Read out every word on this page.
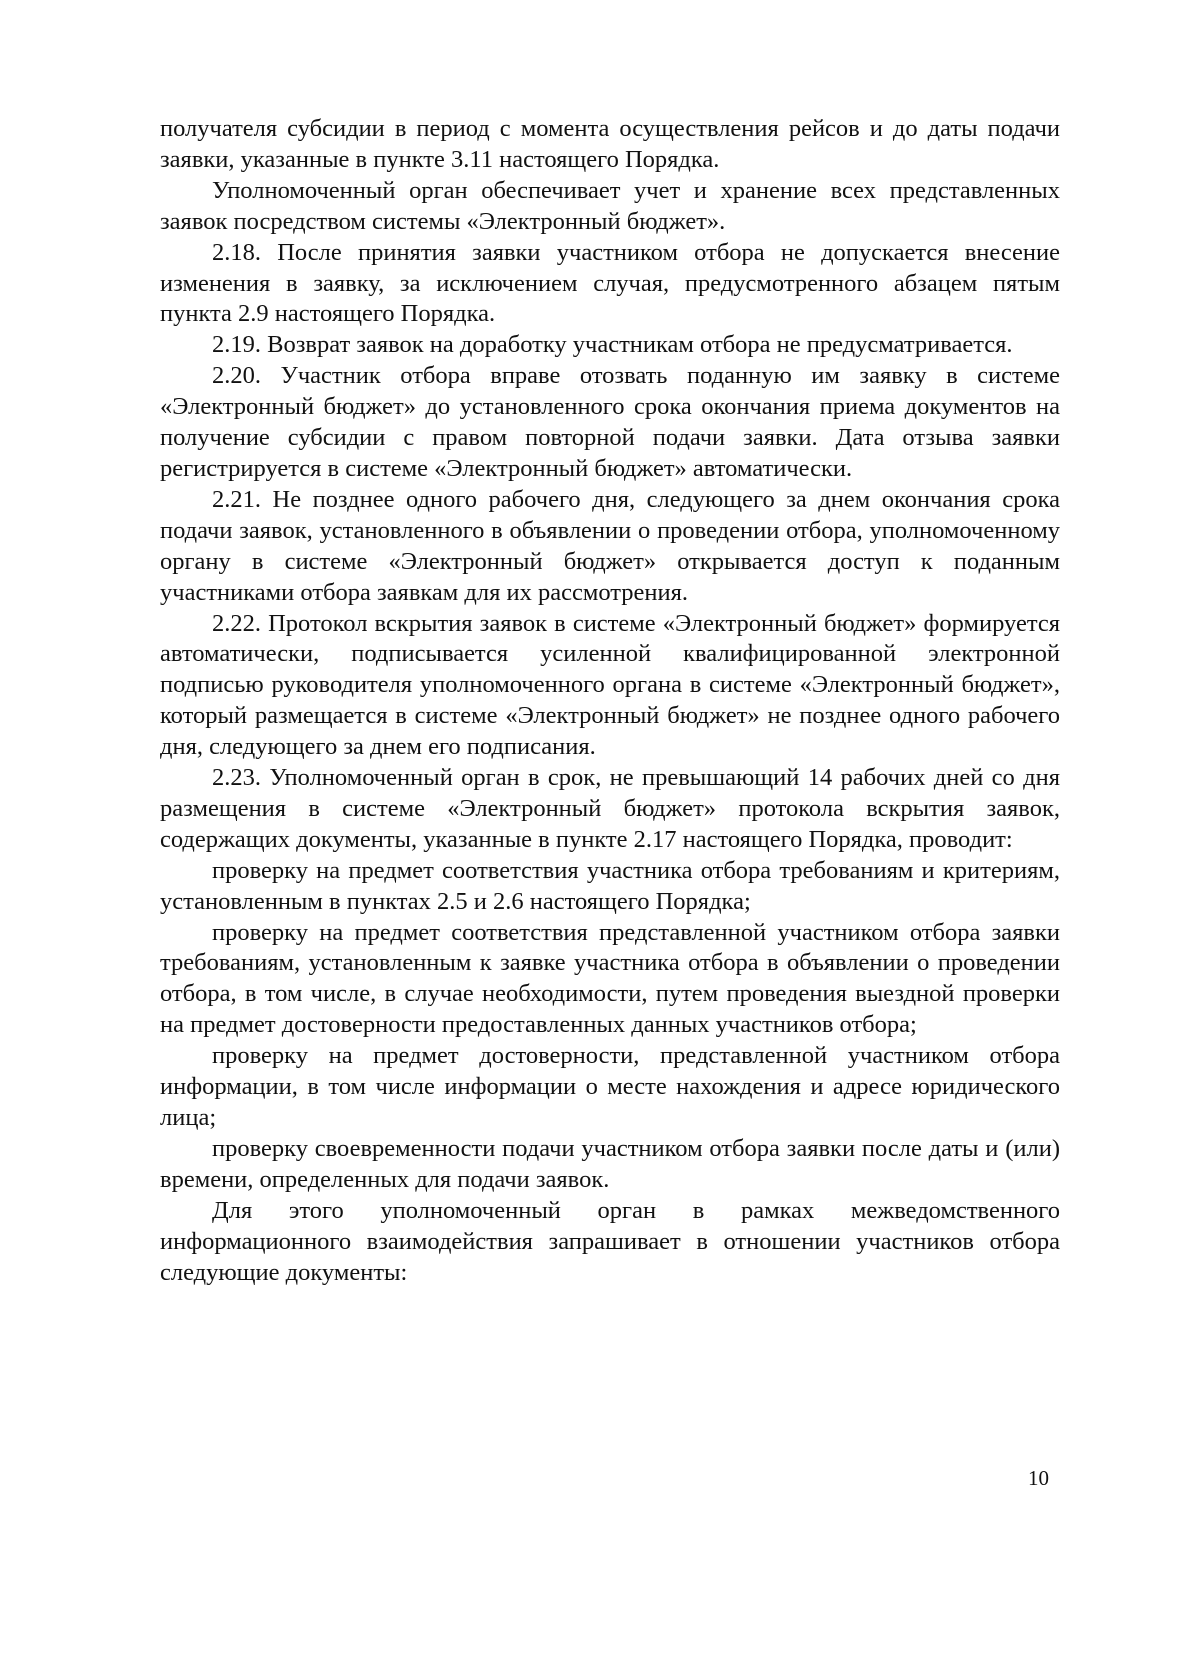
получателя субсидии в период с момента осуществления рейсов и до даты подачи заявки, указанные в пункте 3.11 настоящего Порядка.

Уполномоченный орган обеспечивает учет и хранение всех представленных заявок посредством системы «Электронный бюджет».

2.18. После принятия заявки участником отбора не допускается внесение изменения в заявку, за исключением случая, предусмотренного абзацем пятым пункта 2.9 настоящего Порядка.

2.19. Возврат заявок на доработку участникам отбора не предусматривается.

2.20. Участник отбора вправе отозвать поданную им заявку в системе «Электронный бюджет» до установленного срока окончания приема документов на получение субсидии с правом повторной подачи заявки. Дата отзыва заявки регистрируется в системе «Электронный бюджет» автоматически.

2.21. Не позднее одного рабочего дня, следующего за днем окончания срока подачи заявок, установленного в объявлении о проведении отбора, уполномоченному органу в системе «Электронный бюджет» открывается доступ к поданным участниками отбора заявкам для их рассмотрения.

2.22. Протокол вскрытия заявок в системе «Электронный бюджет» формируется автоматически, подписывается усиленной квалифицированной электронной подписью руководителя уполномоченного органа в системе «Электронный бюджет», который размещается в системе «Электронный бюджет» не позднее одного рабочего дня, следующего за днем его подписания.

2.23. Уполномоченный орган в срок, не превышающий 14 рабочих дней со дня размещения в системе «Электронный бюджет» протокола вскрытия заявок, содержащих документы, указанные в пункте 2.17 настоящего Порядка, проводит:

проверку на предмет соответствия участника отбора требованиям и критериям, установленным в пунктах 2.5 и 2.6 настоящего Порядка;

проверку на предмет соответствия представленной участником отбора заявки требованиям, установленным к заявке участника отбора в объявлении о проведении отбора, в том числе, в случае необходимости, путем проведения выездной проверки на предмет достоверности предоставленных данных участников отбора;

проверку на предмет достоверности, представленной участником отбора информации, в том числе информации о месте нахождения и адресе юридического лица;

проверку своевременности подачи участником отбора заявки после даты и (или) времени, определенных для подачи заявок.

Для этого уполномоченный орган в рамках межведомственного информационного взаимодействия запрашивает в отношении участников отбора следующие документы:

10
